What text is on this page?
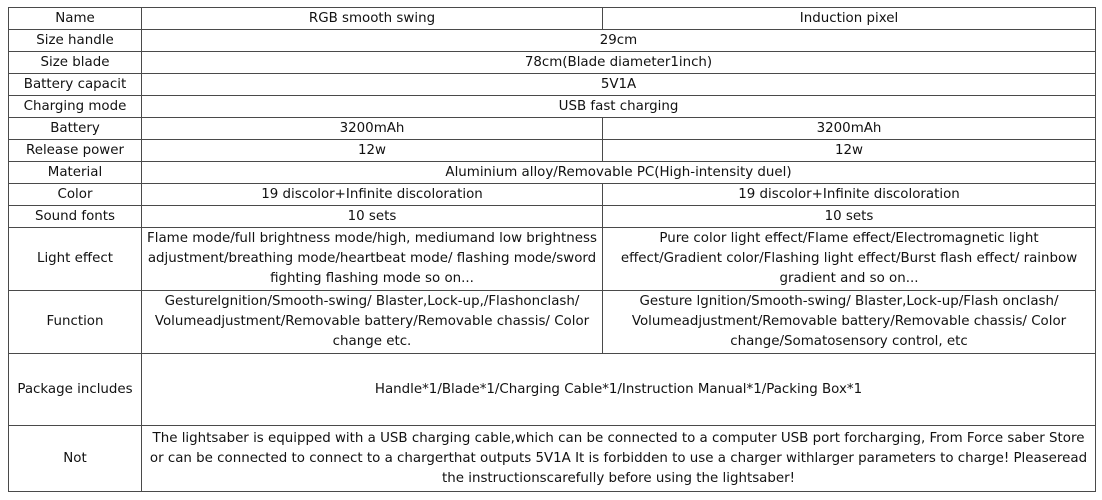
Name	RGB smooth swing	Induction pixel
Size handle	29cm	
Size blade	78cm(Blade diameter1inch)	
Battery capacit	5V1A	
Charging mode	USB fast charging	
Battery	3200mAh	3200mAh
Release power	12w	12w
Material	Aluminium alloy/Removable PC(High-intensity duel)	
Color	19 discolor+Infinite discoloration	19 discolor+Infinite discoloration
Sound fonts	10 sets	10 sets
Light effect	Flame mode/full brightness mode/high, mediumand low brightness adjustment/breathing mode/heartbeat mode/ flashing mode/sword fighting flashing mode so on...	Pure color light effect/Flame effect/Electromagnetic light effect/Gradient color/Flashing light effect/Burst flash effect/ rainbow gradient and so on...
Function	Gesturelgnition/Smooth-swing/ Blaster,Lock-up,/Flashonclash/ Volumeadjustment/Removable battery/Removable chassis/ Color change etc.	Gesture lgnition/Smooth-swing/ Blaster,Lock-up/Flash onclash/ Volumeadjustment/Removable battery/Removable chassis/ Color change/Somatosensory control, etc
Package includes	Handle*1/Blade*1/Charging Cable*1/Instruction Manual*1/Packing Box*1	
Not	The lightsaber is equipped with a USB charging cable,which can be connected to a computer USB port forcharging, From Force saber Store or can be connected to connect to a chargerthat outputs 5V1A It is forbidden to use a charger withlarger parameters to charge! Pleaseread the instructionscarefully before using the lightsaber!	
